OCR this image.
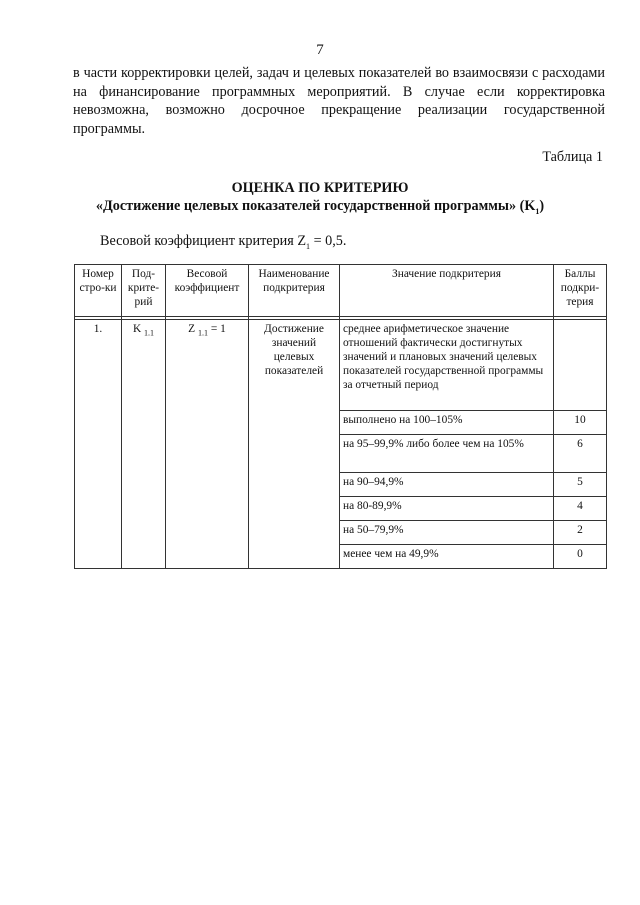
7

в части корректировки целей, задач и целевых показателей во взаимосвязи с расходами на финансирование программных мероприятий. В случае если корректировка невозможна, возможно досрочное прекращение реализации государственной программы.

Таблица 1
ОЦЕНКА ПО КРИТЕРИЮ
«Достижение целевых показателей государственной программы» $(K_1)$
Весовой коэффициент критерия $Z_1 = 0,5$.
Номер стро-ки	Под-крите-рий	Весовой коэффициент	Наименование подкритерия	Значение подкритерия	Баллы подкри-терия

1.	K $_{1.1}$	Z $_{1.1}$ = 1	Достижение значений целевых показателей	среднее арифметическое значение отношений фактически достигнутых значений и плановых значений целевых показателей государственной программы за отчетный период	
				выполнено на 100–105%	10
				на 95–99,9% либо более чем на 105%	6
				на 90–94,9%	5
				на 80-89,9%	4
				на 50–79,9%	2
				менее чем на 49,9%	0
